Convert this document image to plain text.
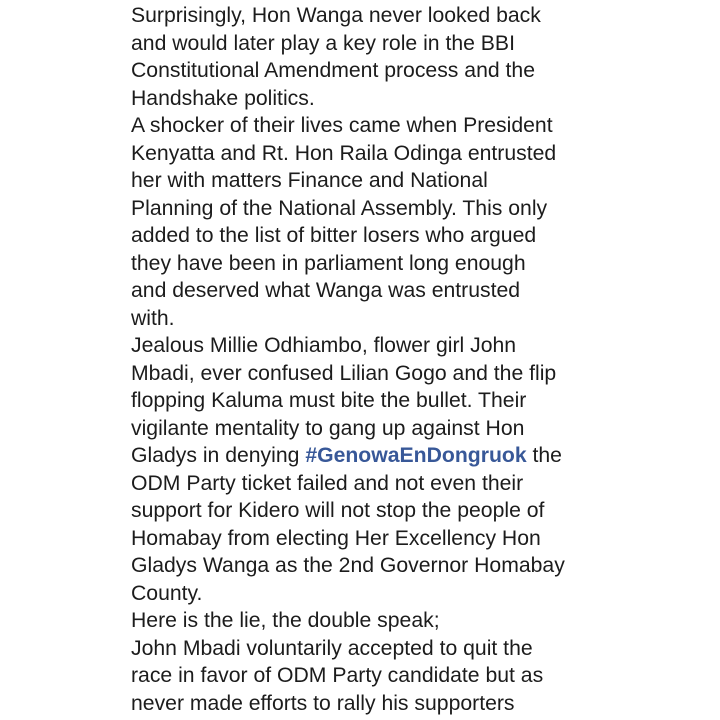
Surprisingly, Hon Wanga never looked back
and would later play a key role in the BBI
Constitutional Amendment process and the
Handshake politics.
A shocker of their lives came when President
Kenyatta and Rt. Hon Raila Odinga entrusted
her with matters Finance and National
Planning of the National Assembly. This only
added to the list of bitter losers who argued
they have been in parliament long enough
and deserved what Wanga was entrusted
with.
Jealous Millie Odhiambo, flower girl John
Mbadi, ever confused Lilian Gogo and the flip
flopping Kaluma must bite the bullet. Their
vigilante mentality to gang up against Hon
Gladys in denying #GenowaEnDongruok the
ODM Party ticket failed and not even their
support for Kidero will not stop the people of
Homabay from electing Her Excellency Hon
Gladys Wanga as the 2nd Governor Homabay
County.
Here is the lie, the double speak;
John Mbadi voluntarily accepted to quit the
race in favor of ODM Party candidate but as
never made efforts to rally his supporters
